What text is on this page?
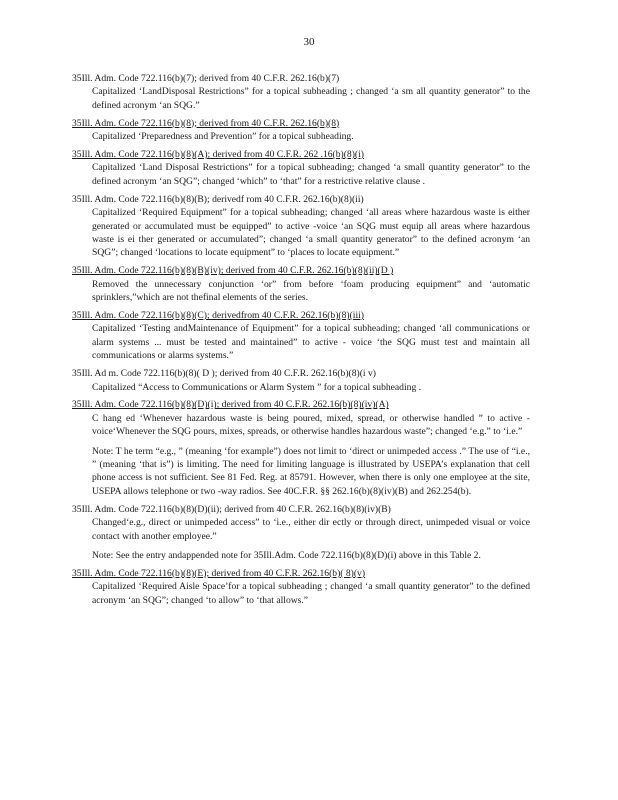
30
35Ill. Adm. Code 722.116(b)(7); derived from 40 C.F.R. 262.16(b)(7)
Capitalized ‘LandDisposal Restrictions” for a topical subheading ; changed ‘a sm all quantity generator” to the defined acronym ‘an SQG.”
35Ill. Adm. Code 722.116(b)(8); derived from 40 C.F.R. 262.16(b)(8)
Capitalized ‘Preparedness and Prevention” for a topical subheading.
35Ill. Adm. Code 722.116(b)(8)(A); derived from 40 C.F.R. 262 .16(b)(8)(i)
Capitalized ‘Land Disposal Restrictions” for a topical subheading; changed ‘a small quantity generator” to the defined acronym ‘an SQG”; changed ‘which” to ‘that” for a restrictive relative clause .
35Ill. Adm. Code 722.116(b)(8)(B); derivedf rom 40 C.F.R. 262.16(b)(8)(ii)
Capitalized ‘Required Equipment” for a topical subheading; changed ‘all areas where hazardous waste is either generated or accumulated must be equipped” to active -voice ‘an SQG must equip all areas where hazardous waste is ei ther generated or accumulated”; changed ‘a small quantity generator” to the defined acronym ‘an SQG”; changed ‘locations to locate equipment” to ‘places to locate equipment.”
35Ill. Adm. Code 722.116(b)(8)(B)(iv); derived from 40 C.F.R. 262.16(b)(8)(ii)(D )
Removed the unnecessary conjunction ‘or” from before ‘foam producing equipment” and ‘automatic sprinklers,”which are not thefinal elements of the series.
35Ill. Adm. Code 722.116(b)(8)(C); derivedfrom 40 C.F.R. 262.16(b)(8)(iii)
Capitalized ‘Testing andMaintenance of Equipment” for a topical subheading; changed ‘all communications or alarm systems ... must be tested and maintained” to active - voice ‘the SQG must test and maintain all communications or alarms systems.”
35Ill. Ad m. Code 722.116(b)(8)( D ); derived from 40 C.F.R. 262.16(b)(8)(i v)
Capitalized “Access to Communications or Alarm System ” for a topical subheading .
35Ill. Adm. Code 722.116(b)(8)(D)(i); derived from 40 C.F.R. 262.16(b)(8)(iv)(A)
C hang ed ‘Whenever hazardous waste is being poured, mixed, spread, or otherwise handled ” to active -voice‘Whenever the SQG pours, mixes, spreads, or otherwise handles hazardous waste”; changed ‘e.g.” to ‘i.e.”
Note: T he term “e.g., ” (meaning ‘for example”) does not limit to ‘direct or unimpeded access .” The use of “i.e., ” (meaning ‘that is”) is limiting. The need for limiting language is illustrated by USEPA’s explanation that cell phone access is not sufficient. See 81 Fed. Reg. at 85791. However, when there is only one employee at the site, USEPA allows telephone or two -way radios. See 40C.F.R. §§ 262.16(b)(8)(iv)(B) and 262.254(b).
35Ill. Adm. Code 722.116(b)(8)(D)(ii); derived from 40 C.F.R. 262.16(b)(8)(iv)(B)
Changed‘e.g., direct or unimpeded access” to ‘i.e., either dir ectly or through direct, unimpeded visual or voice contact with another employee.”
Note: See the entry andappended note for 35Ill.Adm. Code 722.116(b)(8)(D)(i) above in this Table 2.
35Ill. Adm. Code 722.116(b)(8)(E); derived from 40 C.F.R. 262.16(b)( 8)(v)
Capitalized ‘Required Aisle Space’for a topical subheading ; changed ‘a small quantity generator” to the defined acronym ‘an SQG”; changed ‘to allow” to ‘that allows.”
